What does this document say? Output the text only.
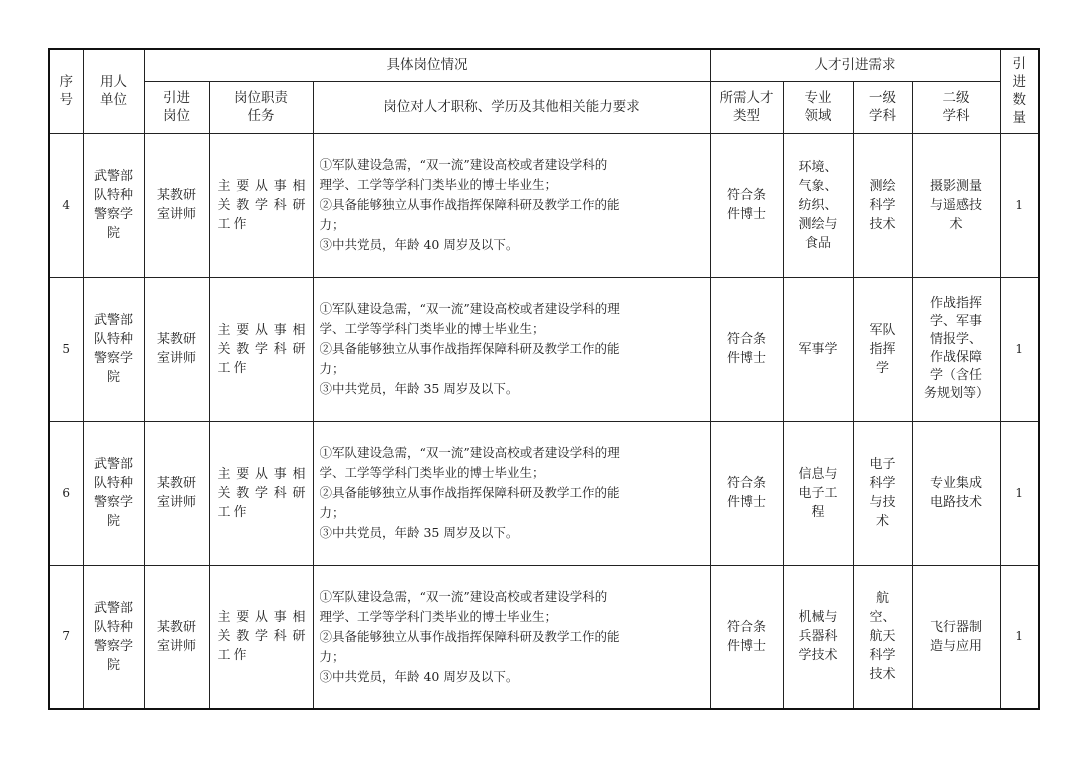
序号	用人单位	具体岗位情况			人才引进需求				引进数量

		引进岗位	岗位职责任务	岗位对人才职称、学历及其他相关能力要求	所需人才类型	专业领域	一级学科	二级学科	

4	武警部队特种警察学院	某教研室讲师	主要从事相关教学科研工作	①军队建设急需，“双一流”建设高校或者建设学科的
理学、工学等学科门类毕业的博士毕业生；
②具备能够独立从事作战指挥保障科研及教学工作的能
力；
③中共党员，年龄 40 周岁及以下。	符合条件博士	环境、气象、纺织、测绘与食品	测绘科学技术	摄影测量与遥感技术	1
5	武警部队特种警察学院	某教研室讲师	主要从事相关教学科研工作	①军队建设急需，“双一流”建设高校或者建设学科的理
学、工学等学科门类毕业的博士毕业生；
②具备能够独立从事作战指挥保障科研及教学工作的能
力；
③中共党员，年龄 35 周岁及以下。	符合条件博士	军事学	军队指挥学	作战指挥学、军事情报学、作战保障学（含任务规划等）	1
6	武警部队特种警察学院	某教研室讲师	主要从事相关教学科研工作	①军队建设急需，“双一流”建设高校或者建设学科的理
学、工学等学科门类毕业的博士毕业生；
②具备能够独立从事作战指挥保障科研及教学工作的能
力；
③中共党员，年龄 35 周岁及以下。	符合条件博士	信息与电子工程	电子科学与技术	专业集成电路技术	1
7	武警部队特种警察学院	某教研室讲师	主要从事相关教学科研工作	①军队建设急需，“双一流”建设高校或者建设学科的
理学、工学等学科门类毕业的博士毕业生；
②具备能够独立从事作战指挥保障科研及教学工作的能
力；
③中共党员，年龄 40 周岁及以下。	符合条件博士	机械与兵器科学技术	航空、航天科学技术	飞行器制造与应用	1
